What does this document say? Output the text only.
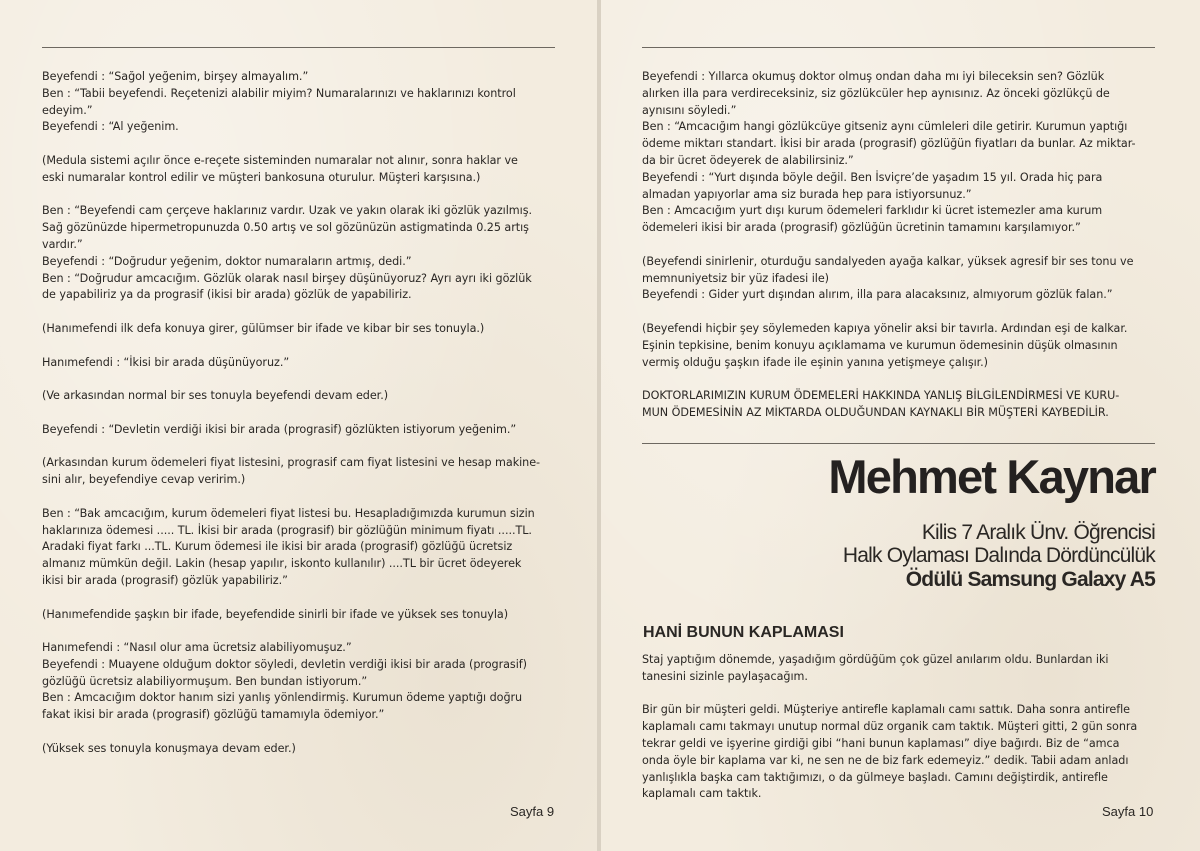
Beyefendi : “Sağol yeğenim, birşey almayalım.”

Ben : “Tabii beyefendi. Reçetenizi alabilir miyim? Numaralarınızı ve haklarınızı kontrol

edeyim.”

Beyefendi : “Al yeğenim.

(Medula sistemi açılır önce e-reçete sisteminden numaralar not alınır, sonra haklar ve

eski numaralar kontrol edilir ve müşteri bankosuna oturulur. Müşteri karşısına.)

Ben : “Beyefendi cam çerçeve haklarınız vardır. Uzak ve yakın olarak iki gözlük yazılmış.

Sağ gözünüzde hipermetropunuzda 0.50 artış ve sol gözünüzün astigmatinda 0.25 artış

vardır.”

Beyefendi : “Doğrudur yeğenim, doktor numaraların artmış, dedi.”

Ben : “Doğrudur amcacığım. Gözlük olarak nasıl birşey düşünüyoruz? Ayrı ayrı iki gözlük

de yapabiliriz ya da prograsif (ikisi bir arada) gözlük de yapabiliriz.

(Hanımefendi ilk defa konuya girer, gülümser bir ifade ve kibar bir ses tonuyla.)

Hanımefendi : “İkisi bir arada düşünüyoruz.”

(Ve arkasından normal bir ses tonuyla beyefendi devam eder.)

Beyefendi : “Devletin verdiği ikisi bir arada (prograsif) gözlükten istiyorum yeğenim.”

(Arkasından kurum ödemeleri fiyat listesini, prograsif cam fiyat listesini ve hesap makine-

sini alır, beyefendiye cevap veririm.)

Ben : “Bak amcacığım, kurum ödemeleri fiyat listesi bu. Hesapladığımızda kurumun sizin

haklarınıza ödemesi ..... TL. İkisi bir arada (prograsif) bir gözlüğün minimum fiyatı .....TL.

Aradaki fiyat farkı ...TL. Kurum ödemesi ile ikisi bir arada (prograsif) gözlüğü ücretsiz

almanız mümkün değil. Lakin (hesap yapılır, iskonto kullanılır) ....TL bir ücret ödeyerek

ikisi bir arada (prograsif) gözlük yapabiliriz.”

(Hanımefendide şaşkın bir ifade, beyefendide sinirli bir ifade ve yüksek ses tonuyla)

Hanımefendi : “Nasıl olur ama ücretsiz alabiliyomuşuz.”

Beyefendi : Muayene olduğum doktor söyledi, devletin verdiği ikisi bir arada (prograsif)

gözlüğü ücretsiz alabiliyormuşum. Ben bundan istiyorum.”

Ben : Amcacığım doktor hanım sizi yanlış yönlendirmiş. Kurumun ödeme yaptığı doğru

fakat ikisi bir arada (prograsif) gözlüğü tamamıyla ödemiyor.”

(Yüksek ses tonuyla konuşmaya devam eder.)

Sayfa 9

Beyefendi : Yıllarca okumuş doktor olmuş ondan daha mı iyi bileceksin sen? Gözlük

alırken illa para verdireceksiniz, siz gözlükcüler hep aynısınız. Az önceki gözlükçü de

aynısını söyledi.”

Ben : “Amcacığım hangi gözlükcüye gitseniz aynı cümleleri dile getirir. Kurumun yaptığı

ödeme miktarı standart. İkisi bir arada (prograsif) gözlüğün fiyatları da bunlar. Az miktar-

da bir ücret ödeyerek de alabilirsiniz.”

Beyefendi : “Yurt dışında böyle değil. Ben İsviçre’de yaşadım 15 yıl. Orada hiç para

almadan yapıyorlar ama siz burada hep para istiyorsunuz.”

Ben : Amcacığım yurt dışı kurum ödemeleri farklıdır ki ücret istemezler ama kurum

ödemeleri ikisi bir arada (prograsif) gözlüğün ücretinin tamamını karşılamıyor.”

(Beyefendi sinirlenir, oturduğu sandalyeden ayağa kalkar, yüksek agresif bir ses tonu ve

memnuniyetsiz bir yüz ifadesi ile)

Beyefendi : Gider yurt dışından alırım, illa para alacaksınız, almıyorum gözlük falan.”

(Beyefendi hiçbir şey söylemeden kapıya yönelir aksi bir tavırla. Ardından eşi de kalkar.

Eşinin tepkisine, benim konuyu açıklamama ve kurumun ödemesinin düşük olmasının

vermiş olduğu şaşkın ifade ile eşinin yanına yetişmeye çalışır.)

DOKTORLARIMIZIN KURUM ÖDEMELERİ HAKKINDA YANLIŞ BİLGİLENDİRMESİ VE KURU-

MUN ÖDEMESİNİN AZ MİKTARDA OLDUĞUNDAN KAYNAKLI BİR MÜŞTERİ KAYBEDİLİR.

Mehmet Kaynar
Kilis 7 Aralık Ünv. Öğrencisi
Halk Oylaması Dalında Dördüncülük
Ödülü Samsung Galaxy A5
HANİ BUNUN KAPLAMASI

Staj yaptığım dönemde, yaşadığım gördüğüm çok güzel anılarım oldu. Bunlardan iki

tanesini sizinle paylaşacağım.

Bir gün bir müşteri geldi. Müşteriye antirefle kaplamalı camı sattık. Daha sonra antirefle

kaplamalı camı takmayı unutup normal düz organik cam taktık. Müşteri gitti, 2 gün sonra

tekrar geldi ve işyerine girdiği gibi “hani bunun kaplaması” diye bağırdı. Biz de “amca

onda öyle bir kaplama var ki, ne sen ne de biz fark edemeyiz.” dedik. Tabii adam anladı

yanlışlıkla başka cam taktığımızı, o da gülmeye başladı. Camını değiştirdik, antirefle

kaplamalı cam taktık.

Sayfa 10
